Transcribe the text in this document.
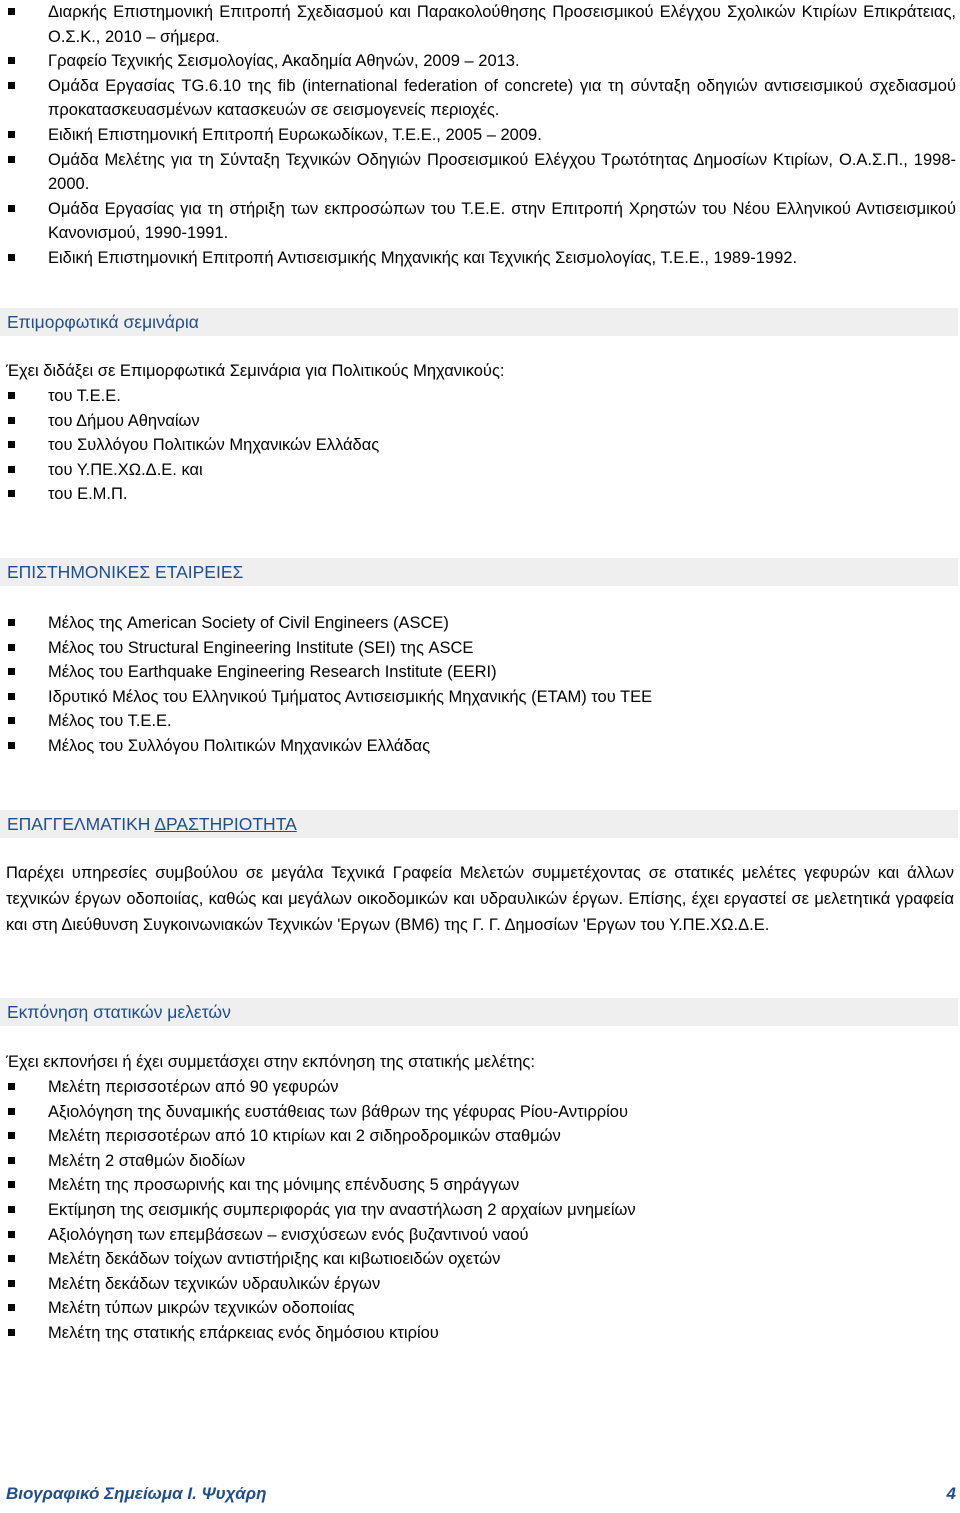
Διαρκής Επιστημονική Επιτροπή Σχεδιασμού και Παρακολούθησης Προσεισμικού Ελέγχου Σχολικών Κτιρίων Επικράτειας, Ο.Σ.Κ., 2010 – σήμερα.
Γραφείο Τεχνικής Σεισμολογίας, Ακαδημία Αθηνών, 2009 – 2013.
Ομάδα Εργασίας TG.6.10 της fib (international federation of concrete) για τη σύνταξη οδηγιών αντισεισμικού σχεδιασμού προκατασκευασμένων κατασκευών σε σεισμογενείς περιοχές.
Ειδική Επιστημονική Επιτροπή Ευρωκωδίκων, Τ.Ε.Ε., 2005 – 2009.
Ομάδα Μελέτης για τη Σύνταξη Τεχνικών Οδηγιών Προσεισμικού Ελέγχου Τρωτότητας Δημοσίων Κτιρίων, Ο.Α.Σ.Π., 1998-2000.
Ομάδα Εργασίας για τη στήριξη των εκπροσώπων του Τ.Ε.Ε. στην Επιτροπή Χρηστών του Νέου Ελληνικού Αντισεισμικού Κανονισμού, 1990-1991.
Ειδική Επιστημονική Επιτροπή Αντισεισμικής Μηχανικής και Τεχνικής Σεισμολογίας, Τ.Ε.Ε., 1989-1992.
Επιμορφωτικά σεμινάρια
Έχει διδάξει σε Επιμορφωτικά Σεμινάρια για Πολιτικούς Μηχανικούς:
του Τ.Ε.Ε.
του Δήμου Αθηναίων
του Συλλόγου Πολιτικών Μηχανικών Ελλάδας
του Υ.ΠΕ.ΧΩ.Δ.Ε. και
του Ε.Μ.Π.
ΕΠΙΣΤΗΜΟΝΙΚΕΣ ΕΤΑΙΡΕΙΕΣ
Μέλος της American Society of Civil Engineers (ASCE)
Μέλος του Structural Engineering Institute (SEI) της ASCE
Μέλος του Earthquake Engineering Research Institute (EERI)
Ιδρυτικό Μέλος του Ελληνικού Τμήματος Αντισεισμικής Μηχανικής (ΕΤΑΜ) του ΤΕΕ
Μέλος του Τ.Ε.Ε.
Μέλος του Συλλόγου Πολιτικών Μηχανικών Ελλάδας
ΕΠΑΓΓΕΛΜΑΤΙΚΗ ΔΡΑΣΤΗΡΙΟΤΗΤΑ
Παρέχει υπηρεσίες συμβούλου σε μεγάλα Τεχνικά Γραφεία Μελετών συμμετέχοντας σε στατικές μελέτες γεφυρών και άλλων τεχνικών έργων οδοποιίας, καθώς και μεγάλων οικοδομικών και υδραυλικών έργων. Επίσης, έχει εργαστεί σε μελετητικά γραφεία και στη Διεύθυνση Συγκοινωνιακών Τεχνικών 'Εργων (ΒΜ6) της Γ. Γ. Δημοσίων 'Εργων του Υ.ΠΕ.ΧΩ.Δ.Ε.
Εκπόνηση στατικών μελετών
Έχει εκπονήσει ή έχει συμμετάσχει στην εκπόνηση της στατικής μελέτης:
Μελέτη περισσοτέρων από 90 γεφυρών
Αξιολόγηση της δυναμικής ευστάθειας των βάθρων της γέφυρας Ρίου-Αντιρρίου
Μελέτη περισσοτέρων από 10 κτιρίων και 2 σιδηροδρομικών σταθμών
Μελέτη 2 σταθμών διοδίων
Μελέτη της προσωρινής και της μόνιμης επένδυσης 5 σηράγγων
Εκτίμηση της σεισμικής συμπεριφοράς για την αναστήλωση 2 αρχαίων μνημείων
Αξιολόγηση των επεμβάσεων – ενισχύσεων ενός βυζαντινού ναού
Μελέτη δεκάδων τοίχων αντιστήριξης και κιβωτιοειδών οχετών
Μελέτη δεκάδων τεχνικών υδραυλικών έργων
Μελέτη τύπων μικρών τεχνικών οδοποιίας
Μελέτη της στατικής επάρκειας ενός δημόσιου κτιρίου
Βιογραφικό Σημείωμα Ι. Ψυχάρη	4
